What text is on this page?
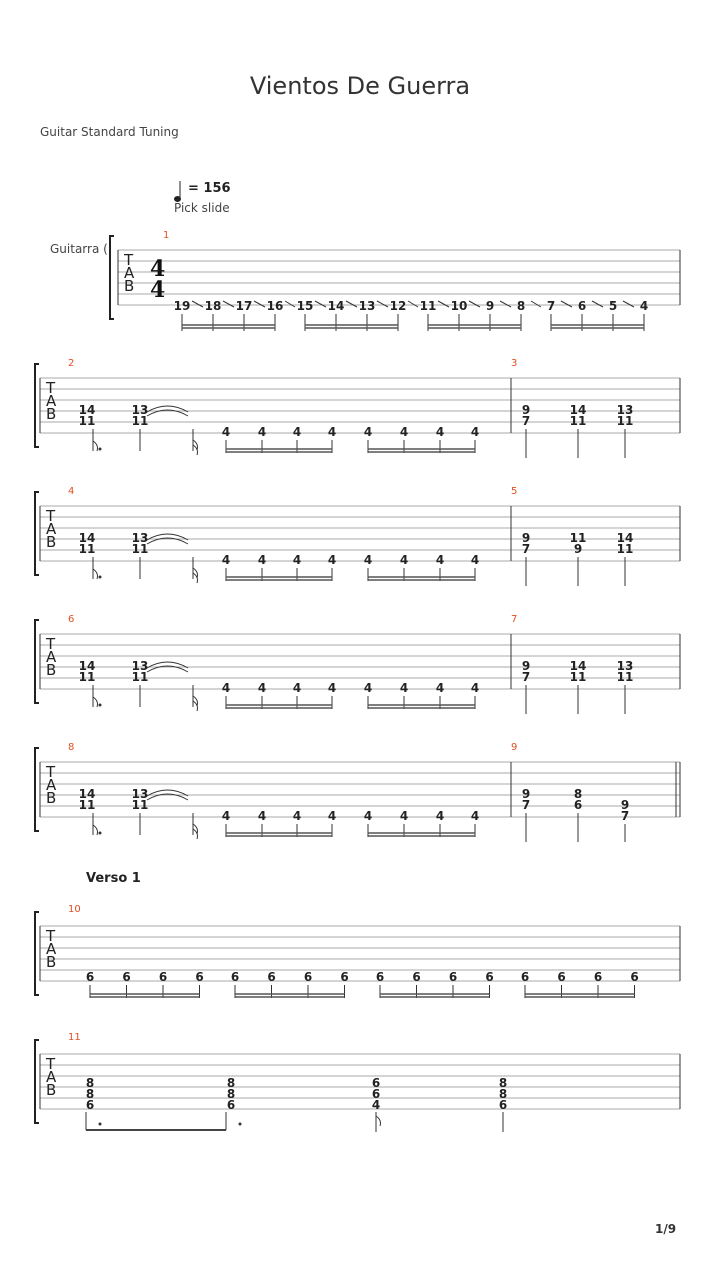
Vientos De Guerra
Guitar Standard Tuning
= 156
Pick slide
Guitarra (
Verso 1
1/9
T
A
B
1
4
4
19 18 17 16 15 14 13 12 11 10 9 8 7 6 5 4
T
A
B
2	3
14
11
13
11
4 4 4 4 4 4 4 4
9
7
14
11
13
11
T
A
B
4	5
14
11
13
11
4 4 4 4 4 4 4 4
9
7
11
9
14
11
T
A
B
6	7
14
11
13
11
4 4 4 4 4 4 4 4
9
7
14
11
13
11
T
A
B
8	9
14
11
13
11
4 4 4 4 4 4 4 4
9
7
8
6	9
7
T
A
B
10
6 6 6 6 6 6 6 6 6 6 6 6 6 6 6 6
T
A
B
11
8
8
6
8
8
6
6
6
4
8
8
6
